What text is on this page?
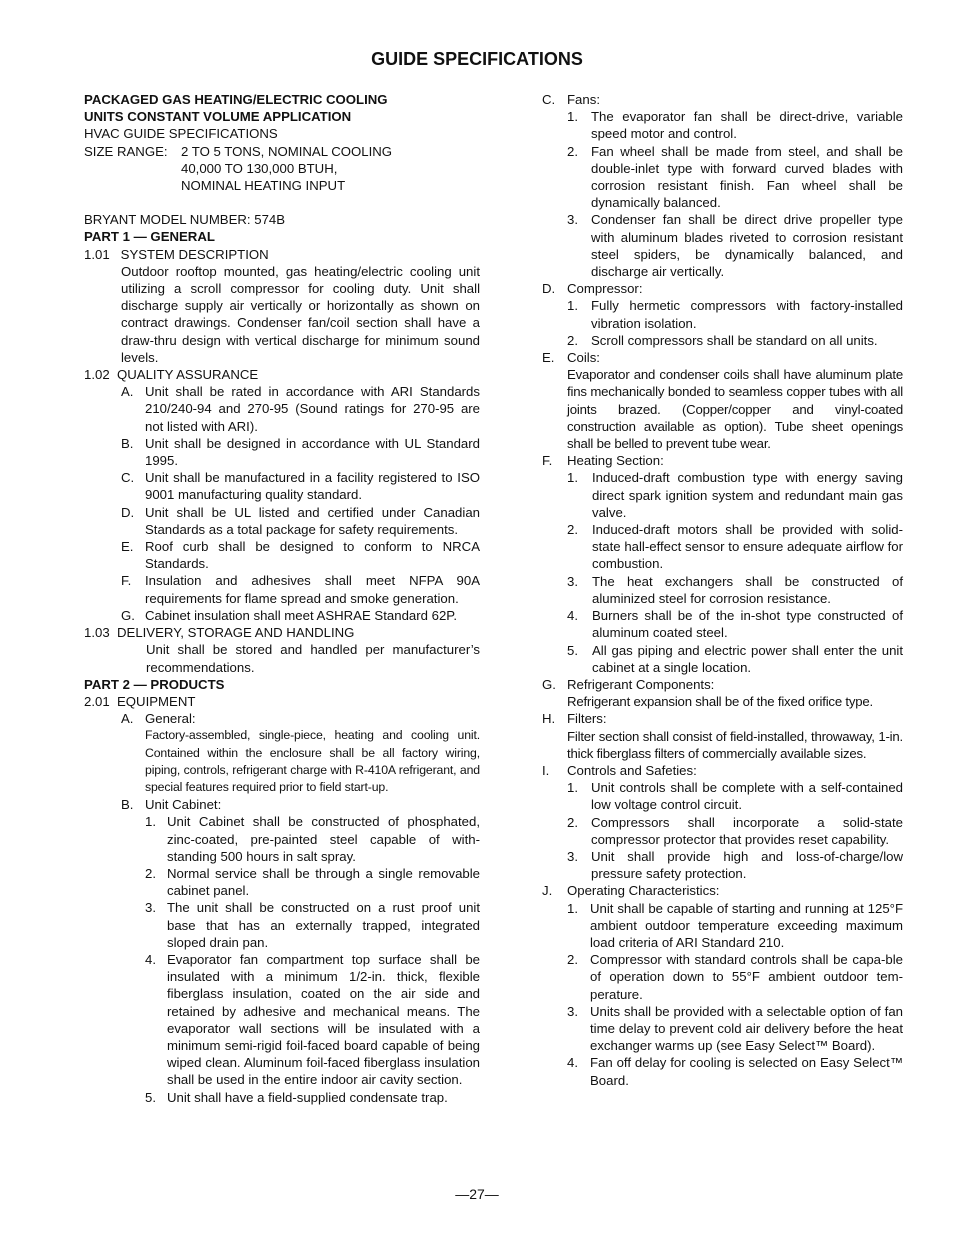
GUIDE SPECIFICATIONS
PACKAGED GAS HEATING/ELECTRIC COOLING
UNITS CONSTANT VOLUME APPLICATION
HVAC GUIDE SPECIFICATIONS
SIZE RANGE:	2 TO 5 TONS, NOMINAL COOLING
40,000 TO 130,000 BTUH,
NOMINAL HEATING INPUT
BRYANT MODEL NUMBER: 574B
PART 1 — GENERAL
1.01   SYSTEM DESCRIPTION
Outdoor rooftop mounted, gas heating/electric cooling unit utilizing a scroll compressor for cooling duty. Unit shall discharge supply air vertically or horizontally as shown on contract drawings. Condenser fan/coil section shall have a draw-thru design with vertical discharge for minimum sound levels.
1.02  QUALITY ASSURANCE
A. Unit shall be rated in accordance with ARI Standards 210/240-94 and 270-95 (Sound ratings for 270-95 are not listed with ARI).
B. Unit shall be designed in accordance with UL Standard 1995.
C. Unit shall be manufactured in a facility registered to ISO 9001 manufacturing quality standard.
D. Unit shall be UL listed and certified under Canadian Standards as a total package for safety requirements.
E. Roof curb shall be designed to conform to NRCA Standards.
F.	Insulation and adhesives shall meet NFPA 90A requirements for flame spread and smoke generation.
G. Cabinet insulation shall meet ASHRAE Standard 62P.
1.03  DELIVERY, STORAGE AND HANDLING
Unit shall be stored and handled per manufacturer’s recommendations.
PART 2 — PRODUCTS
2.01  EQUIPMENT
A. General:
Factory-assembled, single-piece, heating and cooling unit. Contained within the enclosure shall be all factory wiring, piping, controls, refrigerant charge with R-410A refrigerant, and special features required prior to field start-up.
B. Unit Cabinet:
1. Unit Cabinet shall be constructed of phosphated, zinc-coated, pre-painted steel capable of with-standing 500 hours in salt spray.
2. Normal service shall be through a single removable cabinet panel.
3. The unit shall be constructed on a rust proof unit base that has an externally trapped, integrated sloped drain pan.
4. Evaporator fan compartment top surface shall be insulated with a minimum 1/2-in. thick, flexible fiberglass insulation, coated on the air side and retained by adhesive and mechanical means. The evaporator wall sections will be insulated with a minimum semi-rigid foil-faced board capable of being wiped clean. Aluminum foil-faced fiberglass insulation shall be used in the entire indoor air cavity section.
5. Unit shall have a field-supplied condensate trap.
C. Fans:
1. The evaporator fan shall be direct-drive, variable speed motor and control.
2. Fan wheel shall be made from steel, and shall be double-inlet type with forward curved blades with corrosion resistant finish. Fan wheel shall be dynamically balanced.
3. Condenser fan shall be direct drive propeller type with aluminum blades riveted to corrosion resistant steel spiders, be dynamically balanced, and discharge air vertically.
D. Compressor:
1. Fully hermetic compressors with factory-installed vibration isolation.
2. Scroll compressors shall be standard on all units.
E. Coils:
Evaporator and condenser coils shall have aluminum plate fins mechanically bonded to seamless copper tubes with all joints brazed. (Copper/copper and vinyl-coated construction available as option). Tube sheet openings shall be belled to prevent tube wear.
F.	Heating Section:
1.	Induced-draft combustion type with energy saving direct spark ignition system and redundant main gas valve.
2.	Induced-draft motors shall be provided with solid-state hall-effect sensor to ensure adequate airflow for combustion.
3.	The heat exchangers shall be constructed of aluminized steel for corrosion resistance.
4.	Burners shall be of the in-shot type constructed of aluminum coated steel.
5.	All gas piping and electric power shall enter the unit cabinet at a single location.
G. Refrigerant Components:
Refrigerant expansion shall be of the fixed orifice type.
H. Filters:
Filter section shall consist of field-installed, throwaway, 1-in. thick fiberglass filters of commercially available sizes.
I.	Controls and Safeties:
1. Unit controls shall be complete with a self-contained low voltage control circuit.
2. Compressors shall incorporate a solid-state compressor protector that provides reset capability.
3. Unit shall provide high and loss-of-charge/low pressure safety protection.
J.	Operating Characteristics:
1. Unit shall be capable of starting and running at 125°F ambient outdoor temperature exceeding maximum load criteria of ARI Standard 210.
2. Compressor with standard controls shall be capa-ble of operation down to 55°F ambient outdoor tem-perature.
3. Units shall be provided with a selectable option of fan time delay to prevent cold air delivery before the heat exchanger warms up (see Easy Select™ Board).
4. Fan off delay for cooling is selected on Easy Select™ Board.
—27—
